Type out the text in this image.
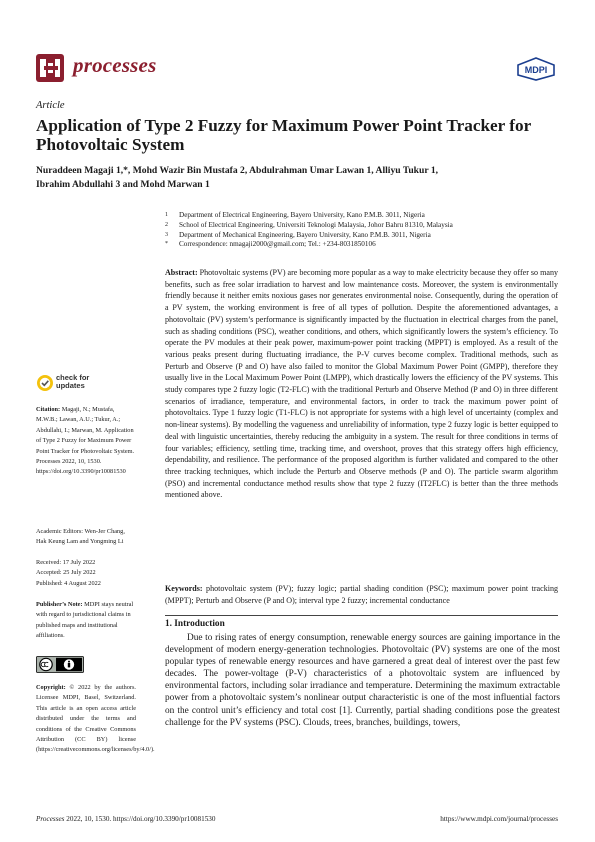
processes	MDPI
Article
Application of Type 2 Fuzzy for Maximum Power Point Tracker for Photovoltaic System
Nuraddeen Magaji 1,*, Mohd Wazir Bin Mustafa 2, Abdulrahman Umar Lawan 1, Alliyu Tukur 1,
Ibrahim Abdullahi 3 and Mohd Marwan 1
1	Department of Electrical Engineering, Bayero University, Kano P.M.B. 3011, Nigeria
2	School of Electrical Engineering, Universiti Teknologi Malaysia, Johor Bahru 81310, Malaysia
3	Department of Mechanical Engineering, Bayero University, Kano P.M.B. 3011, Nigeria
*	Correspondence: nmagaji2000@gmail.com; Tel.: +234-8031850106
Abstract: Photovoltaic systems (PV) are becoming more popular as a way to make electricity because they offer so many benefits, such as free solar irradiation to harvest and low maintenance costs. Moreover, the system is environmentally friendly because it neither emits noxious gases nor generates environmental noise. Consequently, during the operation of a PV system, the working environment is free of all types of pollution. Despite the aforementioned advantages, a photovoltaic (PV) system’s performance is significantly impacted by the fluctuation in electrical charges from the panel, such as shading conditions (PSC), weather conditions, and others, which significantly lowers the system’s efficiency. To operate the PV modules at their peak power, maximum-power point tracking (MPPT) is employed. As a result of the various peaks present during fluctuating irradiance, the P-V curves become complex. Traditional methods, such as Perturb and Observe (P and O) have also failed to monitor the Global Maximum Power Point (GMPP), therefore they usually live in the Local Maximum Power Point (LMPP), which drastically lowers the efficiency of the PV systems. This study compares type 2 fuzzy logic (T2-FLC) with the traditional Perturb and Observe Method (P and O) in three different scenarios of irradiance, temperature, and environmental factors, in order to track the maximum power point of photovoltaics. Type 1 fuzzy logic (T1-FLC) is not appropriate for systems with a high level of uncertainty (complex and non-linear systems). By modelling the vagueness and unreliability of information, type 2 fuzzy logic is better equipped to deal with linguistic uncertainties, thereby reducing the ambiguity in a system. The result for three conditions in terms of four variables; efficiency, settling time, tracking time, and overshoot, proves that this strategy offers high efficiency, dependability, and resilience. The performance of the proposed algorithm is further validated and compared to the other three tracking techniques, which include the Perturb and Observe methods (P and O). The particle swarm algorithm (PSO) and incremental conductance method results show that type 2 fuzzy (IT2FLC) is better than the three methods mentioned above.
Keywords: photovoltaic system (PV); fuzzy logic; partial shading condition (PSC); maximum power point tracking (MPPT); Perturb and Observe (P and O); interval type 2 fuzzy; incremental conductance
1. Introduction

Due to rising rates of energy consumption, renewable energy sources are gaining importance in the development of modern energy-generation technologies. Photovoltaic (PV) systems are one of the most popular types of renewable energy resources and have garnered a great deal of interest over the past few decades. The power-voltage (P-V) characteristics of a photovoltaic system are influenced by environmental factors, including solar irradiance and temperature. Determining the maximum extractable power from a photovoltaic system’s nonlinear output characteristic is one of the most influential factors on the control unit’s efficiency and total cost [1]. Currently, partial shading conditions pose the greatest challenge for the PV systems (PSC). Clouds, trees, branches, buildings, towers,

check for
updates
Citation: Magaji, N.; Mustafa, M.W.B.; Lawan, A.U.; Tukur, A.; Abdullahi, I.; Marwan, M. Application of Type 2 Fuzzy for Maximum Power Point Tracker for Photovoltaic System. Processes 2022, 10, 1530. https://doi.org/10.3390/pr10081530
Academic Editors: Wen-Jer Chang, Hak Keung Lam and Yongming Li
Received: 17 July 2022
Accepted: 25 July 2022
Published: 4 August 2022
Publisher’s Note: MDPI stays neutral with regard to jurisdictional claims in published maps and institutional affiliations.
Copyright: © 2022 by the authors. Licensee MDPI, Basel, Switzerland. This article is an open access article distributed under the terms and conditions of the Creative Commons Attribution (CC BY) license (https://creativecommons.org/licenses/by/4.0/).
Processes 2022, 10, 1530. https://doi.org/10.3390/pr10081530	https://www.mdpi.com/journal/processes
